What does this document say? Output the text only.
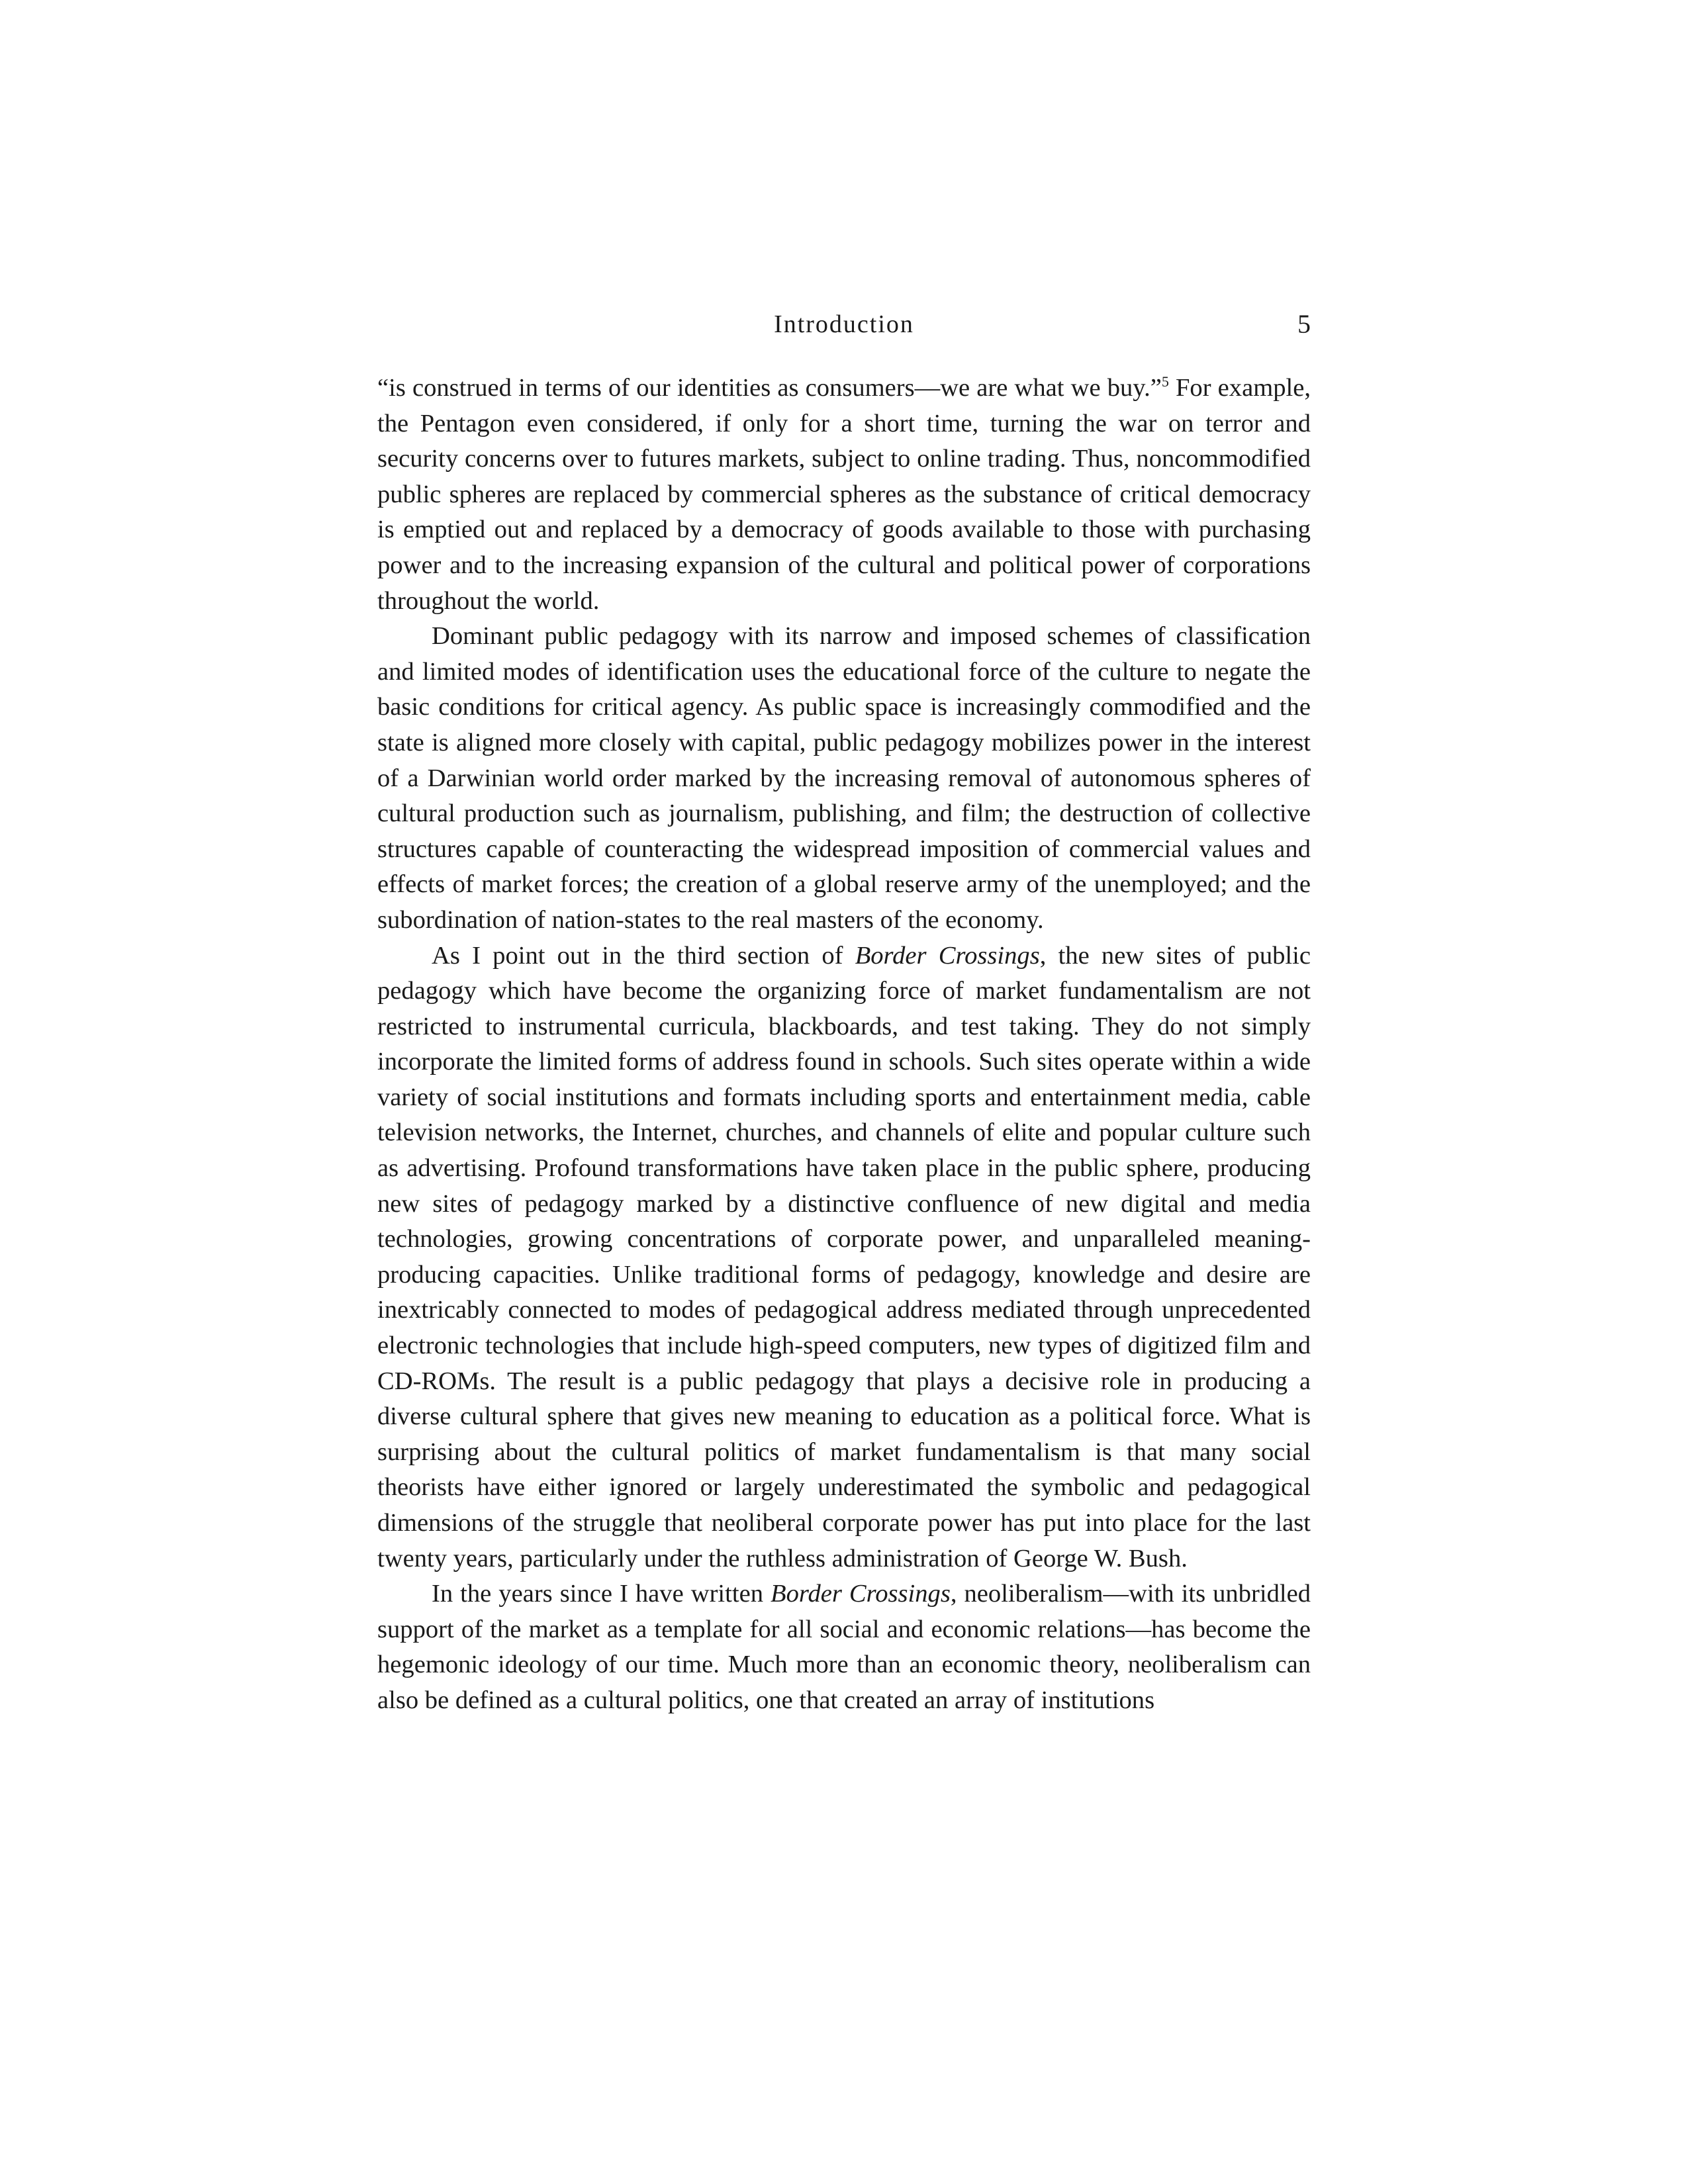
Introduction	5

“is construed in terms of our identities as consumers—we are what we buy.”$^5$ For example, the Pentagon even considered, if only for a short time, turning the war on terror and security concerns over to futures markets, subject to online trading. Thus, noncommodified public spheres are replaced by commercial spheres as the substance of critical democracy is emptied out and replaced by a democracy of goods available to those with purchasing power and to the increasing expansion of the cultural and political power of corporations throughout the world.

Dominant public pedagogy with its narrow and imposed schemes of classification and limited modes of identification uses the educational force of the culture to negate the basic conditions for critical agency. As public space is increasingly commodified and the state is aligned more closely with capital, public pedagogy mobilizes power in the interest of a Darwinian world order marked by the increasing removal of autonomous spheres of cultural production such as journalism, publishing, and film; the destruction of collective structures capable of counteracting the widespread imposition of commercial values and effects of market forces; the creation of a global reserve army of the unemployed; and the subordination of nation-states to the real masters of the economy.

As I point out in the third section of Border Crossings, the new sites of public pedagogy which have become the organizing force of market fundamentalism are not restricted to instrumental curricula, blackboards, and test taking. They do not simply incorporate the limited forms of address found in schools. Such sites operate within a wide variety of social institutions and formats including sports and entertainment media, cable television networks, the Internet, churches, and channels of elite and popular culture such as advertising. Profound transformations have taken place in the public sphere, producing new sites of pedagogy marked by a distinctive confluence of new digital and media technologies, growing concentrations of corporate power, and unparalleled meaning-producing capacities. Unlike traditional forms of pedagogy, knowledge and desire are inextricably connected to modes of pedagogical address mediated through unprecedented electronic technologies that include high-speed computers, new types of digitized film and CD-ROMs. The result is a public pedagogy that plays a decisive role in producing a diverse cultural sphere that gives new meaning to education as a political force. What is surprising about the cultural politics of market fundamentalism is that many social theorists have either ignored or largely underestimated the symbolic and pedagogical dimensions of the struggle that neoliberal corporate power has put into place for the last twenty years, particularly under the ruthless administration of George W. Bush.

In the years since I have written Border Crossings, neoliberalism—with its unbridled support of the market as a template for all social and economic relations—has become the hegemonic ideology of our time. Much more than an economic theory, neoliberalism can also be defined as a cultural politics, one that created an array of institutions
